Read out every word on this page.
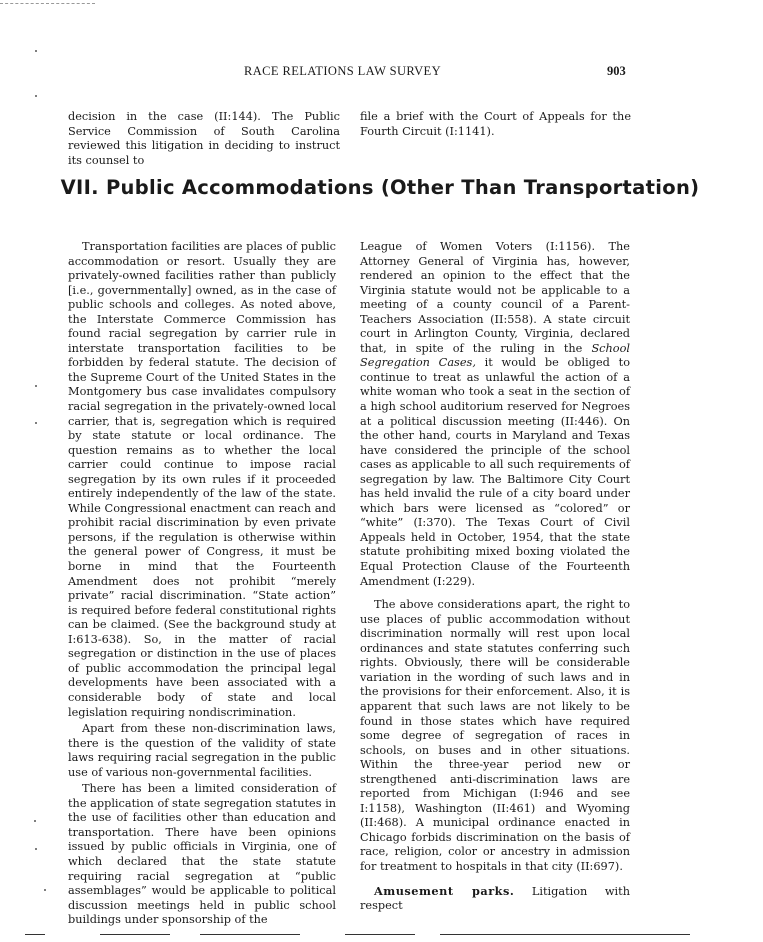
RACE RELATIONS LAW SURVEY	903

decision in the case (II:144). The Public Service Commission of South Carolina reviewed this litigation in deciding to instruct its counsel to

file a brief with the Court of Appeals for the Fourth Circuit (I:1141).

VII. Public Accommodations (Other Than Transportation)

Transportation facilities are places of public accommodation or resort. Usually they are privately-owned facilities rather than publicly [i.e., governmentally] owned, as in the case of public schools and colleges. As noted above, the Interstate Commerce Commission has found racial segregation by carrier rule in interstate transportation facilities to be forbidden by federal statute. The decision of the Supreme Court of the United States in the Montgomery bus case invalidates compulsory racial segregation in the privately-owned local carrier, that is, segregation which is required by state statute or local ordinance. The question remains as to whether the local carrier could continue to impose racial segregation by its own rules if it proceeded entirely independently of the law of the state. While Congressional enactment can reach and prohibit racial discrimination by even private persons, if the regulation is otherwise within the general power of Congress, it must be borne in mind that the Fourteenth Amendment does not prohibit “merely private” racial discrimination. “State action” is required before federal constitutional rights can be claimed. (See the background study at I:613-638). So, in the matter of racial segregation or distinction in the use of places of public accommodation the principal legal developments have been associated with a considerable body of state and local legislation requiring nondiscrimination.

Apart from these non-discrimination laws, there is the question of the validity of state laws requiring racial segregation in the public use of various non-governmental facilities.

There has been a limited consideration of the application of state segregation statutes in the use of facilities other than education and transportation. There have been opinions issued by public officials in Virginia, one of which declared that the state statute requiring racial segregation at “public assemblages” would be applicable to political discussion meetings held in public school buildings under sponsorship of the

League of Women Voters (I:1156). The Attorney General of Virginia has, however, rendered an opinion to the effect that the Virginia statute would not be applicable to a meeting of a county council of a Parent-Teachers Association (II:558). A state circuit court in Arlington County, Virginia, declared that, in spite of the ruling in the School Segregation Cases, it would be obliged to continue to treat as unlawful the action of a white woman who took a seat in the section of a high school auditorium reserved for Negroes at a political discussion meeting (II:446). On the other hand, courts in Maryland and Texas have considered the principle of the school cases as applicable to all such requirements of segregation by law. The Baltimore City Court has held invalid the rule of a city board under which bars were licensed as “colored” or “white” (I:370). The Texas Court of Civil Appeals held in October, 1954, that the state statute prohibiting mixed boxing violated the Equal Protection Clause of the Fourteenth Amendment (I:229).

The above considerations apart, the right to use places of public accommodation without discrimination normally will rest upon local ordinances and state statutes conferring such rights. Obviously, there will be considerable variation in the wording of such laws and in the provisions for their enforcement. Also, it is apparent that such laws are not likely to be found in those states which have required some degree of segregation of races in schools, on buses and in other situations. Within the three-year period new or strengthened anti-discrimination laws are reported from Michigan (I:946 and see I:1158), Washington (II:461) and Wyoming (II:468). A municipal ordinance enacted in Chicago forbids discrimination on the basis of race, religion, color or ancestry in admission for treatment to hospitals in that city (II:697).

Amusement parks. Litigation with respect
